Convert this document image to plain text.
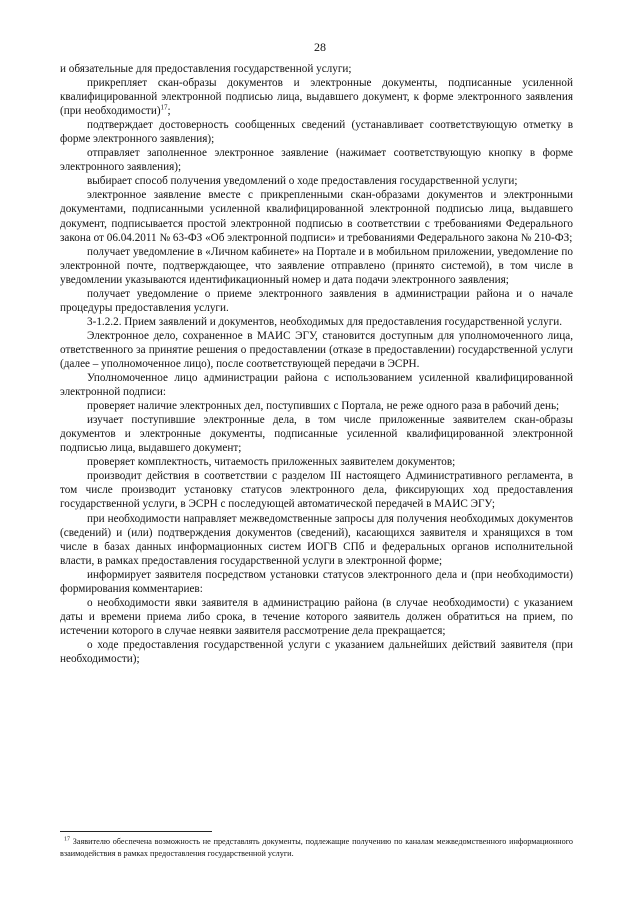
28

и обязательные для предоставления государственной услуги;

прикрепляет скан-образы документов и электронные документы, подписанные усиленной квалифицированной электронной подписью лица, выдавшего документ, к форме электронного заявления (при необходимости)$^{17}$;

подтверждает достоверность сообщенных сведений (устанавливает соответствующую отметку в форме электронного заявления);

отправляет заполненное электронное заявление (нажимает соответствующую кнопку в форме электронного заявления);

выбирает способ получения уведомлений о ходе предоставления государственной услуги;

электронное заявление вместе с прикрепленными скан-образами документов и электронными документами, подписанными усиленной квалифицированной электронной подписью лица, выдавшего документ, подписывается простой электронной подписью в соответствии с требованиями Федерального закона от 06.04.2011 № 63-ФЗ «Об электронной подписи» и требованиями Федерального закона № 210-ФЗ;

получает уведомление в «Личном кабинете» на Портале и в мобильном приложении, уведомление по электронной почте, подтверждающее, что заявление отправлено (принято системой), в том числе в уведомлении указываются идентификационный номер и дата подачи электронного заявления;

получает уведомление о приеме электронного заявления в администрации района и о начале процедуры предоставления услуги.

3-1.2.2. Прием заявлений и документов, необходимых для предоставления государственной услуги.

Электронное дело, сохраненное в МАИС ЭГУ, становится доступным для уполномоченного лица, ответственного за принятие решения о предоставлении (отказе в предоставлении) государственной услуги (далее – уполномоченное лицо), после соответствующей передачи в ЭСРН.

Уполномоченное лицо администрации района с использованием усиленной квалифицированной электронной подписи:

проверяет наличие электронных дел, поступивших с Портала, не реже одного раза в рабочий день;

изучает поступившие электронные дела, в том числе приложенные заявителем скан-образы документов и электронные документы, подписанные усиленной квалифицированной электронной подписью лица, выдавшего документ;

проверяет комплектность, читаемость приложенных заявителем документов;

производит действия в соответствии с разделом III настоящего Административного регламента, в том числе производит установку статусов электронного дела, фиксирующих ход предоставления государственной услуги, в ЭСРН с последующей автоматической передачей в МАИС ЭГУ;

при необходимости направляет межведомственные запросы для получения необходимых документов (сведений) и (или) подтверждения документов (сведений), касающихся заявителя и хранящихся в том числе в базах данных информационных систем ИОГВ СПб и федеральных органов исполнительной власти, в рамках предоставления государственной услуги в электронной форме;

информирует заявителя посредством установки статусов электронного дела и (при необходимости) формирования комментариев:

о необходимости явки заявителя в администрацию района (в случае необходимости) с указанием даты и времени приема либо срока, в течение которого заявитель должен обратиться на прием, по истечении которого в случае неявки заявителя рассмотрение дела прекращается;

о ходе предоставления государственной услуги с указанием дальнейших действий заявителя (при необходимости);

$^{17}$ Заявителю обеспечена возможность не представлять документы, подлежащие получению по каналам межведомственного информационного взаимодействия в рамках предоставления государственной услуги.
